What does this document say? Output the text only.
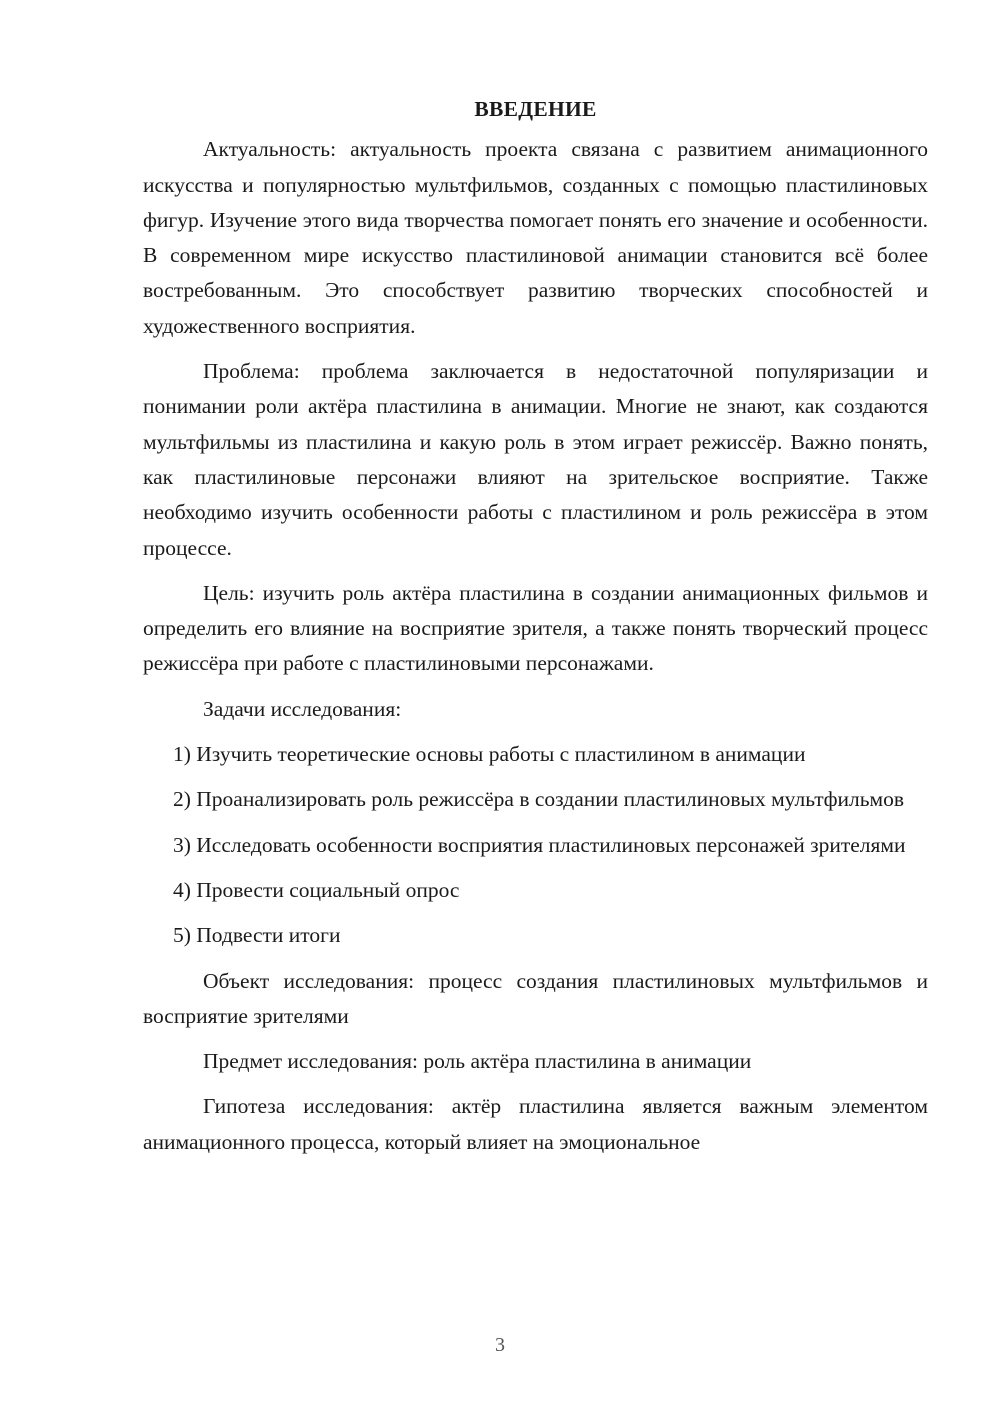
ВВЕДЕНИЕ

Актуальность: актуальность проекта связана с развитием анимационного искусства и популярностью мультфильмов, созданных с помощью пластилиновых фигур. Изучение этого вида творчества помогает понять его значение и особенности. В современном мире искусство пластилиновой анимации становится всё более востребованным. Это способствует развитию творческих способностей и художественного восприятия.

Проблема: проблема заключается в недостаточной популяризации и понимании роли актёра пластилина в анимации. Многие не знают, как создаются мультфильмы из пластилина и какую роль в этом играет режиссёр. Важно понять, как пластилиновые персонажи влияют на зрительское восприятие. Также необходимо изучить особенности работы с пластилином и роль режиссёра в этом процессе.

Цель: изучить роль актёра пластилина в создании анимационных фильмов и определить его влияние на восприятие зрителя, а также понять творческий процесс режиссёра при работе с пластилиновыми персонажами.

Задачи исследования:

1) Изучить теоретические основы работы с пластилином в анимации

2) Проанализировать роль режиссёра в создании пластилиновых мультфильмов

3) Исследовать особенности восприятия пластилиновых персонажей зрителями

4) Провести социальный опрос

5) Подвести итоги

Объект исследования: процесс создания пластилиновых мультфильмов и восприятие зрителями

Предмет исследования: роль актёра пластилина в анимации

Гипотеза исследования: актёр пластилина является важным элементом анимационного процесса, который влияет на эмоциональное

3
